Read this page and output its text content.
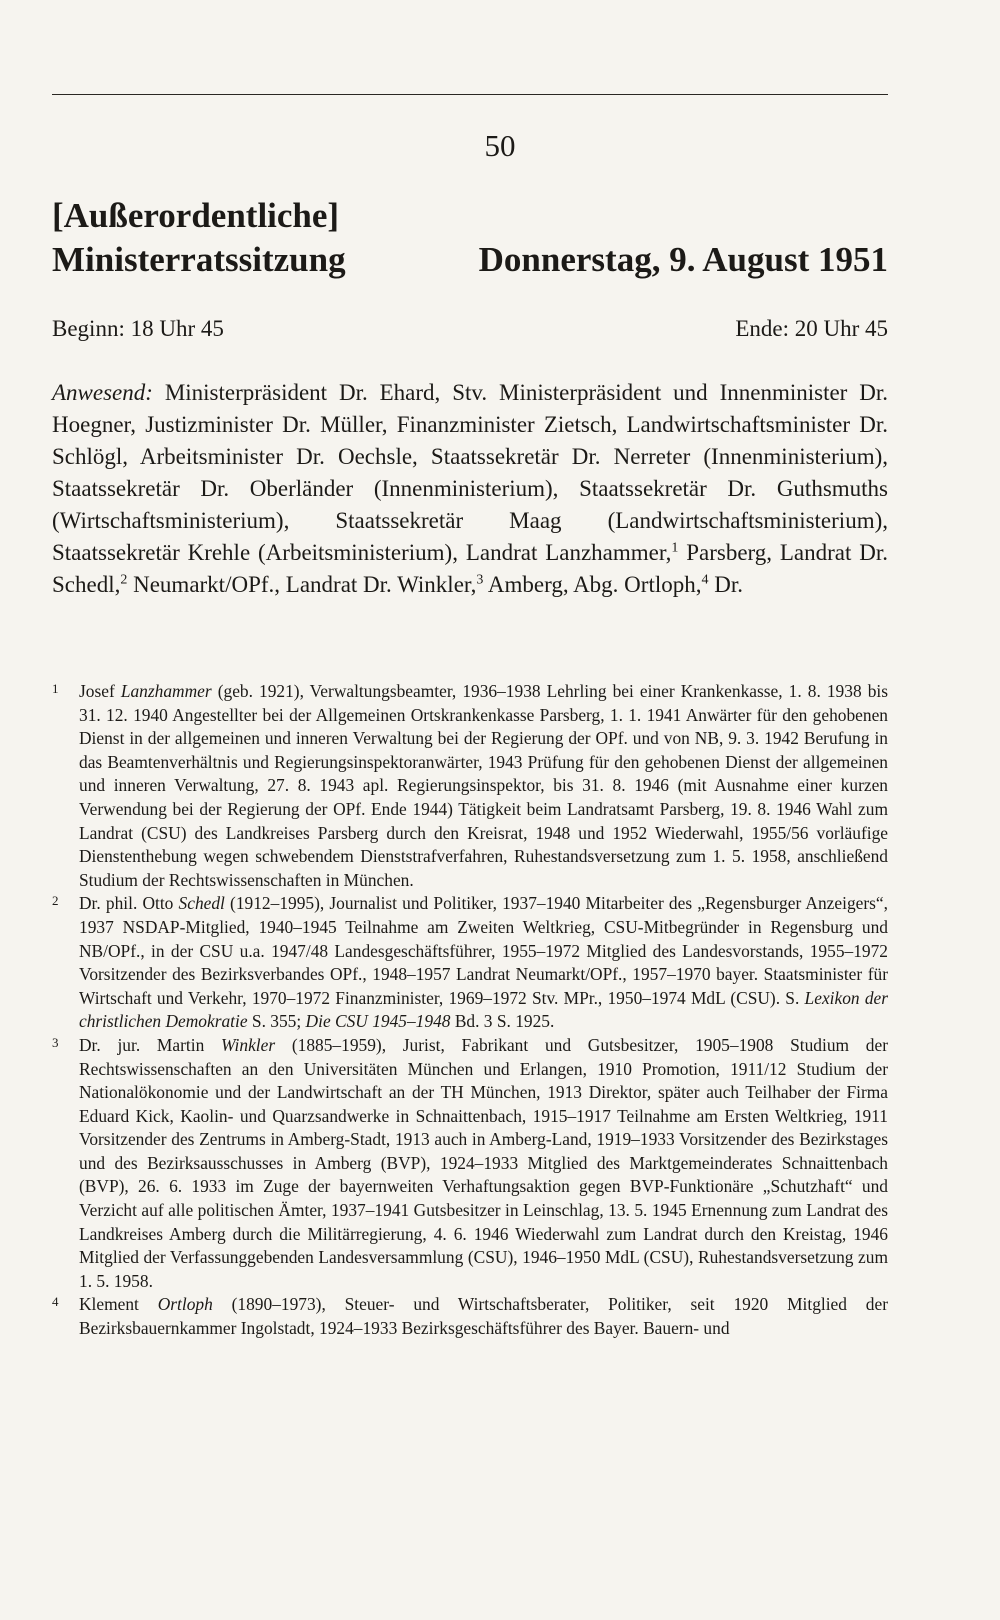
50
[Außerordentliche]
Ministerratssitzung	Donnerstag, 9. August 1951
Beginn: 18 Uhr 45	Ende: 20 Uhr 45
Anwesend: Ministerpräsident Dr. Ehard, Stv. Ministerpräsident und Innenminister Dr. Hoegner, Justizminister Dr. Müller, Finanzminister Zietsch, Landwirtschaftsminister Dr. Schlögl, Arbeitsminister Dr. Oechsle, Staatssekretär Dr. Nerreter (Innenministerium), Staatssekretär Dr. Oberländer (Innenministerium), Staatssekretär Dr. Guthsmuths (Wirtschaftsministerium), Staatssekretär Maag (Landwirtschaftsministerium), Staatssekretär Krehle (Arbeitsministerium), Landrat Lanzhammer,$^1$ Parsberg, Landrat Dr. Schedl,$^2$ Neumarkt/OPf., Landrat Dr. Winkler,$^3$ Amberg, Abg. Ortloph,$^4$ Dr.
1 Josef Lanzhammer (geb. 1921), Verwaltungsbeamter, 1936–1938 Lehrling bei einer Krankenkasse, 1. 8. 1938 bis 31. 12. 1940 Angestellter bei der Allgemeinen Ortskrankenkasse Parsberg, 1. 1. 1941 Anwärter für den gehobenen Dienst in der allgemeinen und inneren Verwaltung bei der Regierung der OPf. und von NB, 9. 3. 1942 Berufung in das Beamtenverhältnis und Regierungsinspektoranwärter, 1943 Prüfung für den gehobenen Dienst der allgemeinen und inneren Verwaltung, 27. 8. 1943 apl. Regierungsinspektor, bis 31. 8. 1946 (mit Ausnahme einer kurzen Verwendung bei der Regierung der OPf. Ende 1944) Tätigkeit beim Landratsamt Parsberg, 19. 8. 1946 Wahl zum Landrat (CSU) des Landkreises Parsberg durch den Kreisrat, 1948 und 1952 Wiederwahl, 1955/56 vorläufige Dienstenthebung wegen schwebendem Dienststrafverfahren, Ruhestandsversetzung zum 1. 5. 1958, anschließend Studium der Rechtswissenschaften in München.
2 Dr. phil. Otto Schedl (1912–1995), Journalist und Politiker, 1937–1940 Mitarbeiter des „Regensburger Anzeigers“, 1937 NSDAP-Mitglied, 1940–1945 Teilnahme am Zweiten Weltkrieg, CSU-Mitbegründer in Regensburg und NB/OPf., in der CSU u.a. 1947/48 Landesgeschäftsführer, 1955–1972 Mitglied des Landesvorstands, 1955–1972 Vorsitzender des Bezirksverbandes OPf., 1948–1957 Landrat Neumarkt/OPf., 1957–1970 bayer. Staatsminister für Wirtschaft und Verkehr, 1970–1972 Finanzminister, 1969–1972 Stv. MPr., 1950–1974 MdL (CSU). S. Lexikon der christlichen Demokratie S. 355; Die CSU 1945–1948 Bd. 3 S. 1925.
3 Dr. jur. Martin Winkler (1885–1959), Jurist, Fabrikant und Gutsbesitzer, 1905–1908 Studium der Rechtswissenschaften an den Universitäten München und Erlangen, 1910 Promotion, 1911/12 Studium der Nationalökonomie und der Landwirtschaft an der TH München, 1913 Direktor, später auch Teilhaber der Firma Eduard Kick, Kaolin- und Quarzsandwerke in Schnaittenbach, 1915–1917 Teilnahme am Ersten Weltkrieg, 1911 Vorsitzender des Zentrums in Amberg-Stadt, 1913 auch in Amberg-Land, 1919–1933 Vorsitzender des Bezirkstages und des Bezirksausschusses in Amberg (BVP), 1924–1933 Mitglied des Marktgemeinderates Schnaittenbach (BVP), 26. 6. 1933 im Zuge der bayernweiten Verhaftungsaktion gegen BVP-Funktionäre „Schutzhaft“ und Verzicht auf alle politischen Ämter, 1937–1941 Gutsbesitzer in Leinschlag, 13. 5. 1945 Ernennung zum Landrat des Landkreises Amberg durch die Militärregierung, 4. 6. 1946 Wiederwahl zum Landrat durch den Kreistag, 1946 Mitglied der Verfassunggebenden Landesversammlung (CSU), 1946–1950 MdL (CSU), Ruhestandsversetzung zum 1. 5. 1958.
4 Klement Ortloph (1890–1973), Steuer- und Wirtschaftsberater, Politiker, seit 1920 Mitglied der Bezirksbauernkammer Ingolstadt, 1924–1933 Bezirksgeschäftsführer des Bayer. Bauern- und
